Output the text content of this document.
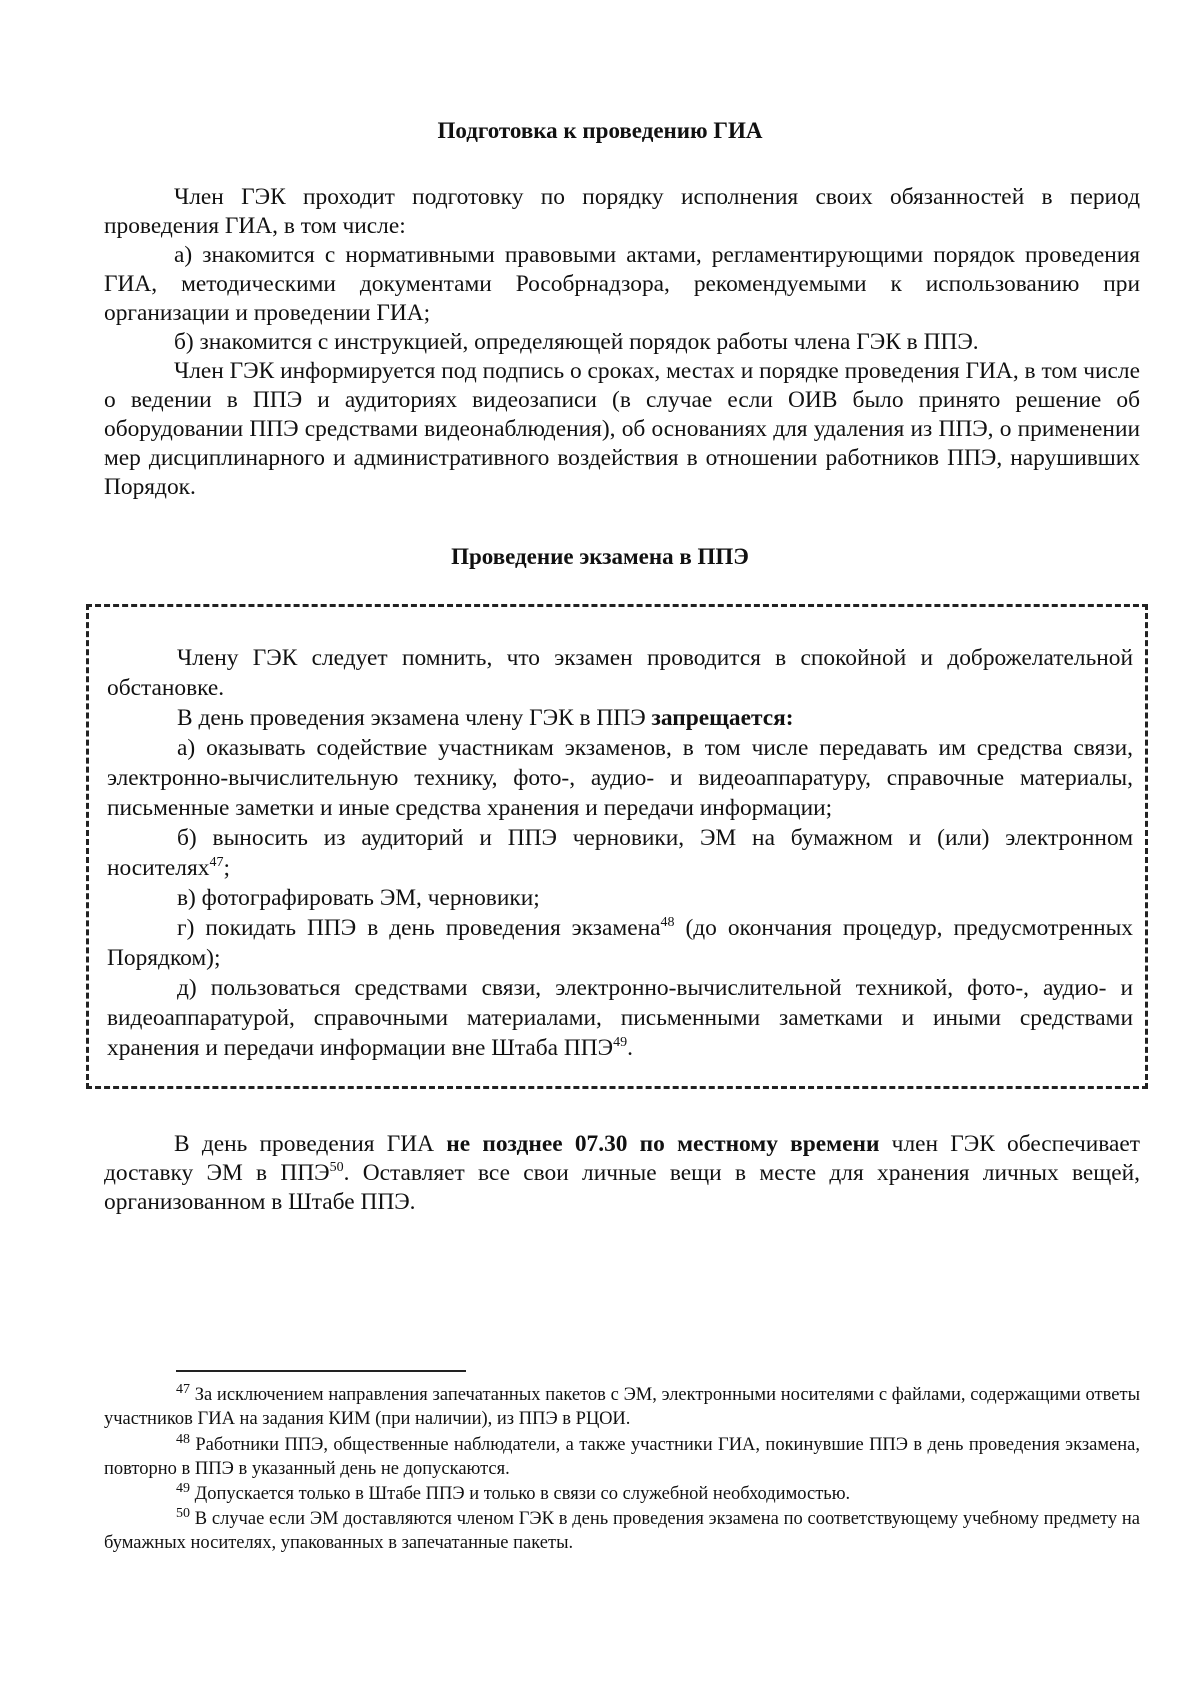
Подготовка к проведению ГИА

Член ГЭК проходит подготовку по порядку исполнения своих обязанностей в период проведения ГИА, в том числе:

а) знакомится с нормативными правовыми актами, регламентирующими порядок проведения ГИА, методическими документами Рособрнадзора, рекомендуемыми к использованию при организации и проведении ГИА;

б) знакомится с инструкцией, определяющей порядок работы члена ГЭК в ППЭ.

Член ГЭК информируется под подпись о сроках, местах и порядке проведения ГИА, в том числе о ведении в ППЭ и аудиториях видеозаписи (в случае если ОИВ было принято решение об оборудовании ППЭ средствами видеонаблюдения), об основаниях для удаления из ППЭ, о применении мер дисциплинарного и административного воздействия в отношении работников ППЭ, нарушивших Порядок.

Проведение экзамена в ППЭ

Члену ГЭК следует помнить, что экзамен проводится в спокойной и доброжелательной обстановке.

В день проведения экзамена члену ГЭК в ППЭ запрещается:

а) оказывать содействие участникам экзаменов, в том числе передавать им средства связи, электронно-вычислительную технику, фото-, аудио- и видеоаппаратуру, справочные материалы, письменные заметки и иные средства хранения и передачи информации;

б) выносить из аудиторий и ППЭ черновики, ЭМ на бумажном и (или) электронном носителях$^{47}$;

в) фотографировать ЭМ, черновики;

г) покидать ППЭ в день проведения экзамена$^{48}$ (до окончания процедур, предусмотренных Порядком);

д) пользоваться средствами связи, электронно-вычислительной техникой, фото-, аудио- и видеоаппаратурой, справочными материалами, письменными заметками и иными средствами хранения и передачи информации вне Штаба ППЭ$^{49}$.

В день проведения ГИА не позднее 07.30 по местному времени член ГЭК обеспечивает доставку ЭМ в ППЭ$^{50}$. Оставляет все свои личные вещи в месте для хранения личных вещей, организованном в Штабе ППЭ.

$^{47}$ За исключением направления запечатанных пакетов с ЭМ, электронными носителями с файлами, содержащими ответы участников ГИА на задания КИМ (при наличии), из ППЭ в РЦОИ.

$^{48}$ Работники ППЭ, общественные наблюдатели, а также участники ГИА, покинувшие ППЭ в день проведения экзамена, повторно в ППЭ в указанный день не допускаются.

$^{49}$ Допускается только в Штабе ППЭ и только в связи со служебной необходимостью.

$^{50}$ В случае если ЭМ доставляются членом ГЭК в день проведения экзамена по соответствующему учебному предмету на бумажных носителях, упакованных в запечатанные пакеты.
